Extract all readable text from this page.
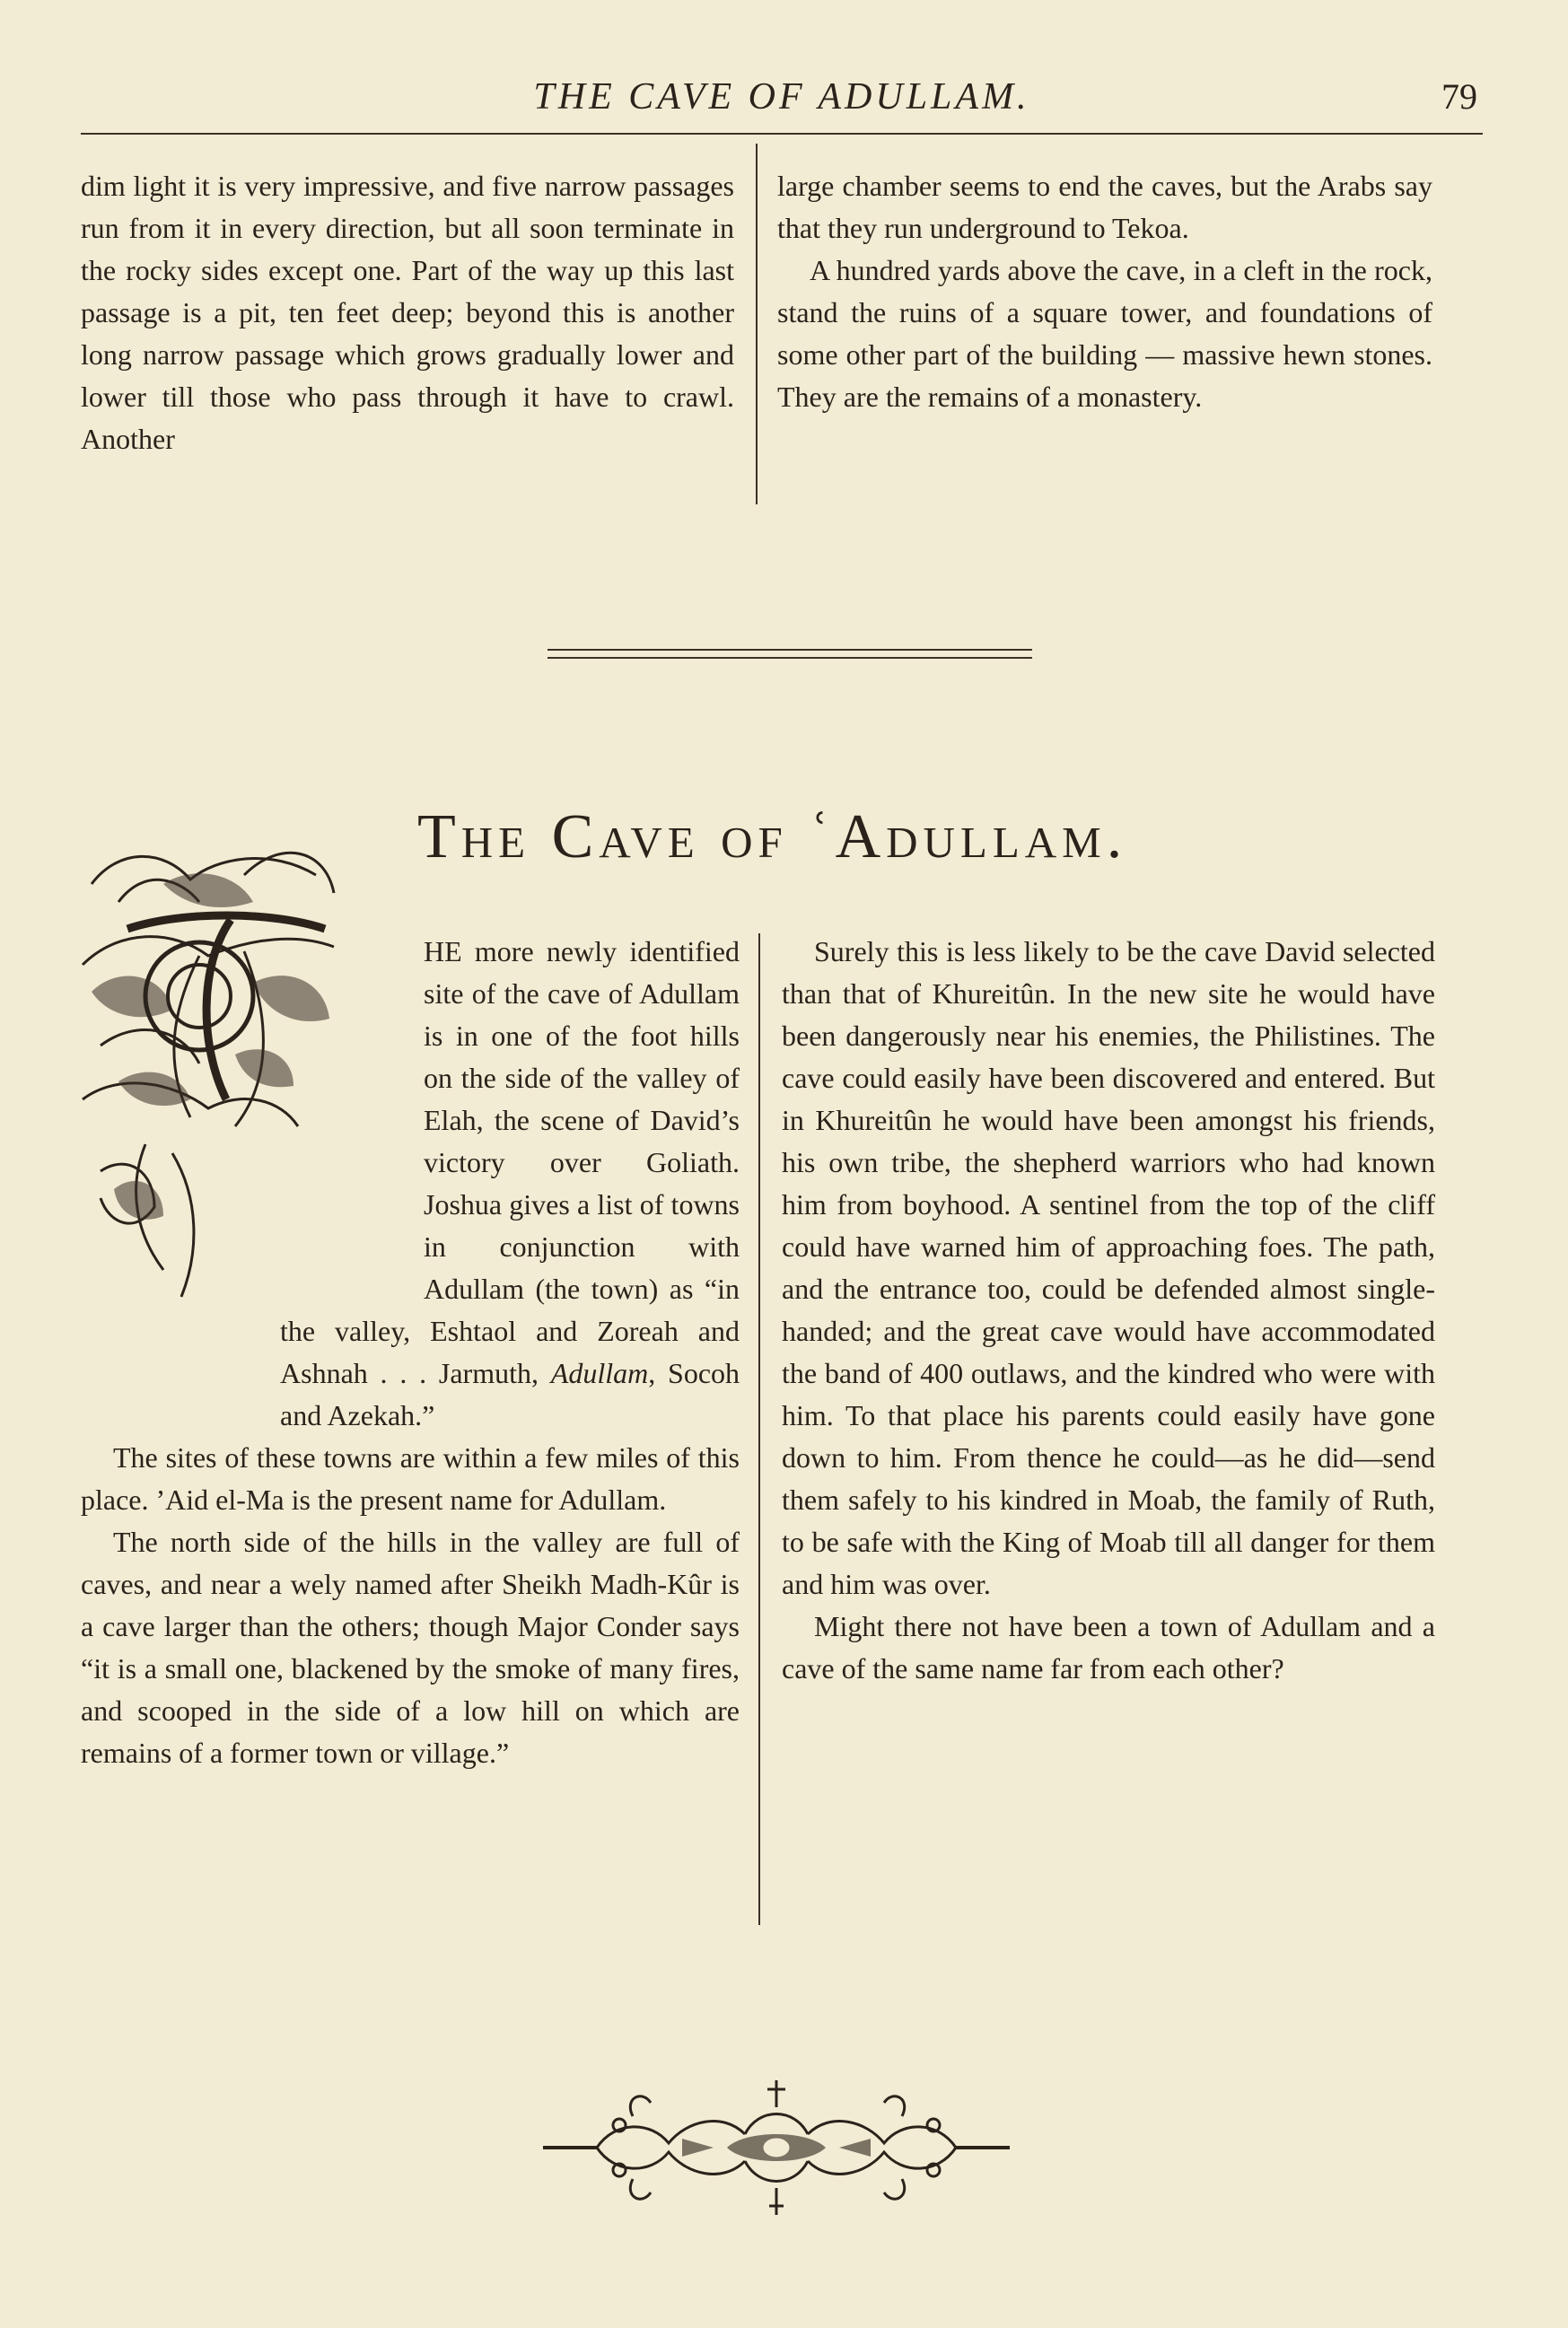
THE CAVE OF ADULLAM.	79

dim light it is very impressive, and five narrow passages run from it in every direction, but all soon terminate in the rocky sides except one. Part of the way up this last passage is a pit, ten feet deep; beyond this is another long narrow passage which grows gradually lower and lower till those who pass through it have to crawl. Another

large chamber seems to end the caves, but the Arabs say that they run underground to Tekoa.

A hundred yards above the cave, in a cleft in the rock, stand the ruins of a square tower, and foundations of some other part of the building — massive hewn stones. They are the remains of a monastery.

The Cave of ʿAdullam.

HE more newly identified site of the cave of Adullam is in one of the foot hills on the side of the valley of Elah, the scene of David’s victory over Goliath. Joshua gives a list of towns in conjunction with Adullam (the town) as “in the valley, Eshtaol and Zoreah and Ashnah . . . Jarmuth, Adullam, Socoh and Azekah.”

The sites of these towns are within a few miles of this place. ’Aid el-Ma is the present name for Adullam.

The north side of the hills in the valley are full of caves, and near a wely named after Sheikh Madh-Kûr is a cave larger than the others; though Major Conder says “it is a small one, blackened by the smoke of many fires, and scooped in the side of a low hill on which are remains of a former town or village.”

Surely this is less likely to be the cave David selected than that of Khureitûn. In the new site he would have been dangerously near his enemies, the Philistines. The cave could easily have been discovered and entered. But in Khureitûn he would have been amongst his friends, his own tribe, the shepherd warriors who had known him from boyhood. A sentinel from the top of the cliff could have warned him of approaching foes. The path, and the entrance too, could be defended almost single-handed; and the great cave would have accommodated the band of 400 outlaws, and the kindred who were with him. To that place his parents could easily have gone down to him. From thence he could—as he did—send them safely to his kindred in Moab, the family of Ruth, to be safe with the King of Moab till all danger for them and him was over.

Might there not have been a town of Adullam and a cave of the same name far from each other?
